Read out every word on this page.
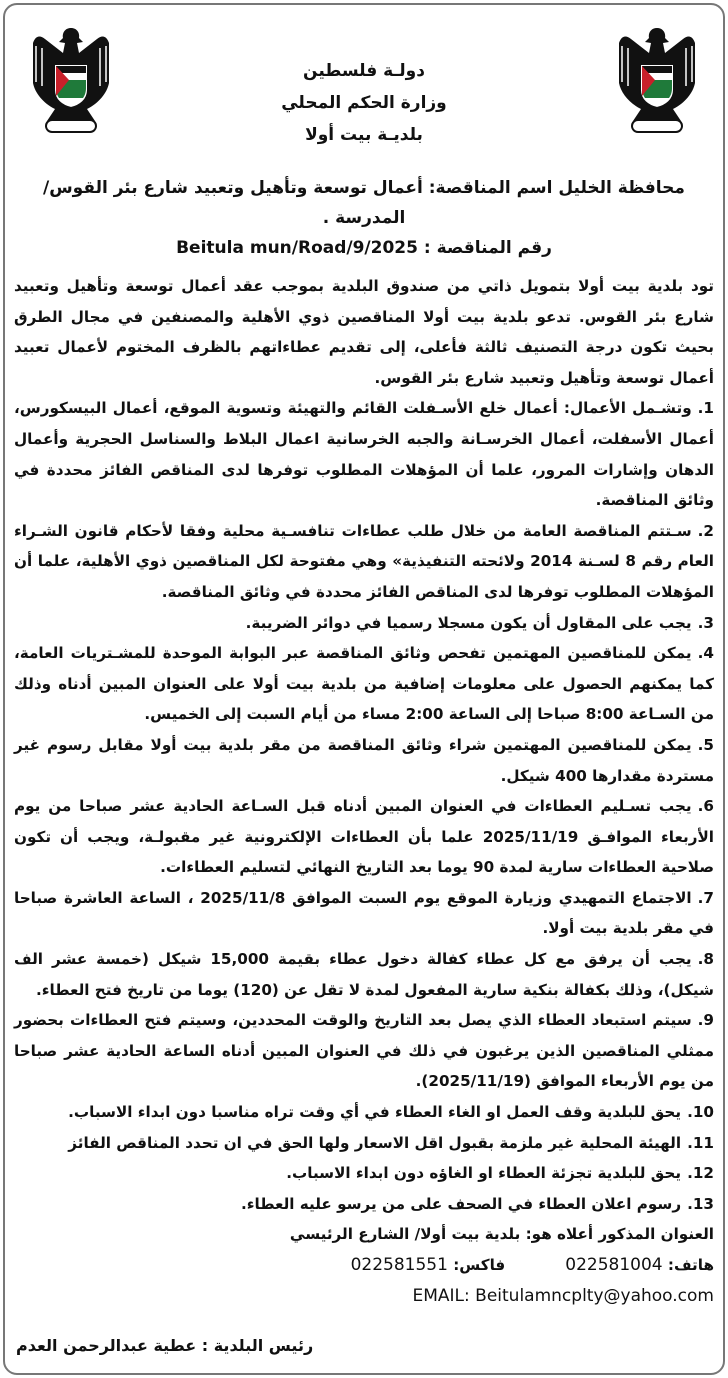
دولـة فلسطين
وزارة الحكم المحلي
بلديـة بيت أولا
محافظة الخليل اسم المناقصة: أعمال توسعة وتأهيل وتعبيد شارع بئر القوس/المدرسة .
رقم المناقصة : Beitula mun/Road/9/2025

تود بلدية بيت أولا بتمويل ذاتي من صندوق البلدية بموجب عقد أعمال توسعة وتأهيل وتعبيد شارع بئر القوس. تدعو بلدية بيت أولا المناقصين ذوي الأهلية والمصنفين في مجال الطرق بحيث تكون درجة التصنيف ثالثة فأعلى، إلى تقديم عطاءاتهم بالظرف المختوم لأعمال تعبيد أعمال توسعة وتأهيل وتعبيد شارع بئر القوس.

1.وتشـمل الأعمال: أعمال خلع الأسـفلت القائم والتهيئة وتسوية الموقع، أعمال البيسكورس، أعمال الأسفلت، أعمال الخرسـانة والجبه الخرسانية اعمال البلاط والسناسل الحجرية وأعمال الدهان وإشارات المرور، علما أن المؤهلات المطلوب توفرها لدى المناقص الفائز محددة في وثائق المناقصة.

2.سـتتم المناقصة العامة من خلال طلب عطاءات تنافسـية محلية وفقا لأحكام قانون الشـراء العام رقم 8 لسـنة 2014 ولائحته التنفيذية» وهي مفتوحة لكل المناقصين ذوي الأهلية، علما أن المؤهلات المطلوب توفرها لدى المناقص الفائز محددة في وثائق المناقصة.

3.يجب على المقاول أن يكون مسجلا رسميا في دوائر الضريبة.

4.يمكن للمناقصين المهتمين تفحص وثائق المناقصة عبر البوابة الموحدة للمشـتريات العامة، كما يمكنهم الحصول على معلومات إضافية من بلدية بيت أولا على العنوان المبين أدناه وذلك من السـاعة 8:00 صباحا إلى الساعة 2:00 مساء من أيام السبت إلى الخميس.

5.يمكن للمناقصين المهتمين شراء وثائق المناقصة من مقر بلدية بيت أولا مقابل رسوم غير مستردة مقدارها 400 شيكل.

6.يجب تسـليم العطاءات في العنوان المبين أدناه قبل السـاعة الحادية عشر صباحا من يوم الأربعاء الموافـق 2025/11/19 علما بأن العطاءات الإلكترونية غير مقبولـة، ويجب أن تكون صلاحية العطاءات سارية لمدة 90 يوما بعد التاريخ النهائي لتسليم العطاءات.

7.الاجتماع التمهيدي وزيارة الموقع يوم السبت الموافق 2025/11/8 ، الساعة العاشرة صباحا في مقر بلدية بيت أولا.

8.يجب أن يرفق مع كل عطاء كفالة دخول عطاء بقيمة 15,000 شيكل (خمسة عشر الف شيكل)، وذلك بكفالة بنكية سارية المفعول لمدة لا تقل عن (120) يوما من تاريخ فتح العطاء.

9.سيتم استبعاد العطاء الذي يصل بعد التاريخ والوقت المحددين، وسيتم فتح العطاءات بحضور ممثلي المناقصين الذين يرغبون في ذلك في العنوان المبين أدناه الساعة الحادية عشر صباحا من يوم الأربعاء الموافق (2025/11/19).

10.يحق للبلدية وقف العمل او الغاء العطاء في أي وقت تراه مناسبا دون ابداء الاسباب.

11.الهيئة المحلية غير ملزمة بقبول اقل الاسعار ولها الحق في ان تحدد المناقص الفائز

12.يحق للبلدية تجزئة العطاء او الغاؤه دون ابداء الاسباب.

13.رسوم اعلان العطاء في الصحف على من يرسو عليه العطاء.

العنوان المذكور أعلاه هو: بلدية بيت أولا/ الشارع الرئيسي
هاتف: 022581004
فاكس: 022581551
EMAIL: Beitulamncplty@yahoo.com
رئيس البلدية : عطية عبدالرحمن العدم
